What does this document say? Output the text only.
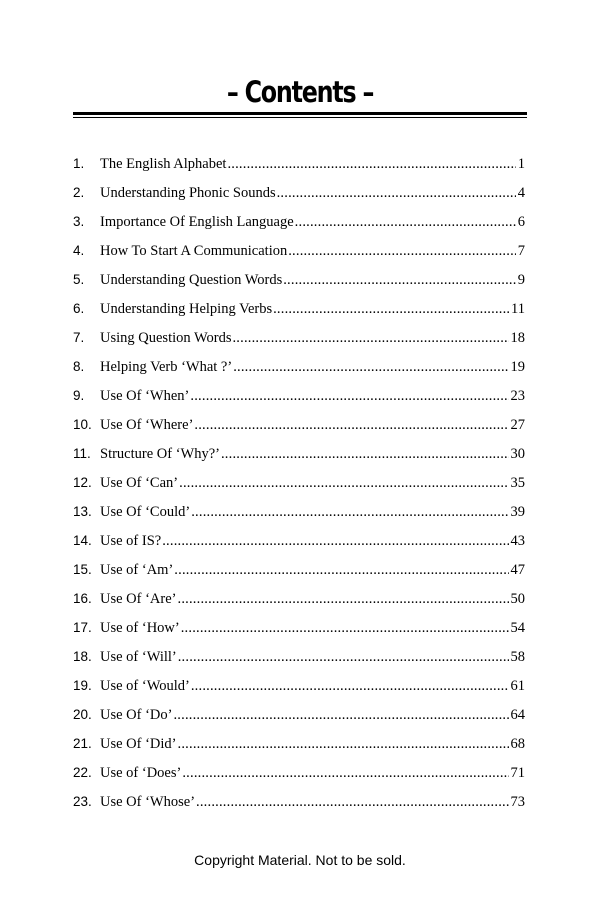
– Contents –
1.	The English Alphabet .....	1
2.	Understanding Phonic Sounds .....	4
3.	Importance Of English Language .....	6
4.	How To Start A Communication .....	7
5.	Understanding Question Words .....	9
6.	Understanding Helping Verbs .....	11
7.	Using Question Words .....	18
8.	Helping Verb ‘What ?’ .....	19
9.	Use Of ‘When’ .....	23
10. Use Of ‘Where’ .....	27
11. Structure Of ‘Why?’ .....	30
12. Use Of ‘Can’ .....	35
13. Use Of ‘Could’ .....	39
14. Use of IS? .....	43
15. Use of ‘Am’ .....	47
16. Use Of ‘Are’ .....	50
17. Use of ‘How’ .....	54
18. Use of ‘Will’ .....	58
19. Use of ‘Would’ .....	61
20. Use Of ‘Do’ .....	64
21. Use Of ‘Did’ .....	68
22. Use of ‘Does’ .....	71
23. Use Of ‘Whose’ .....	73

Copyright Material. Not to be sold.
